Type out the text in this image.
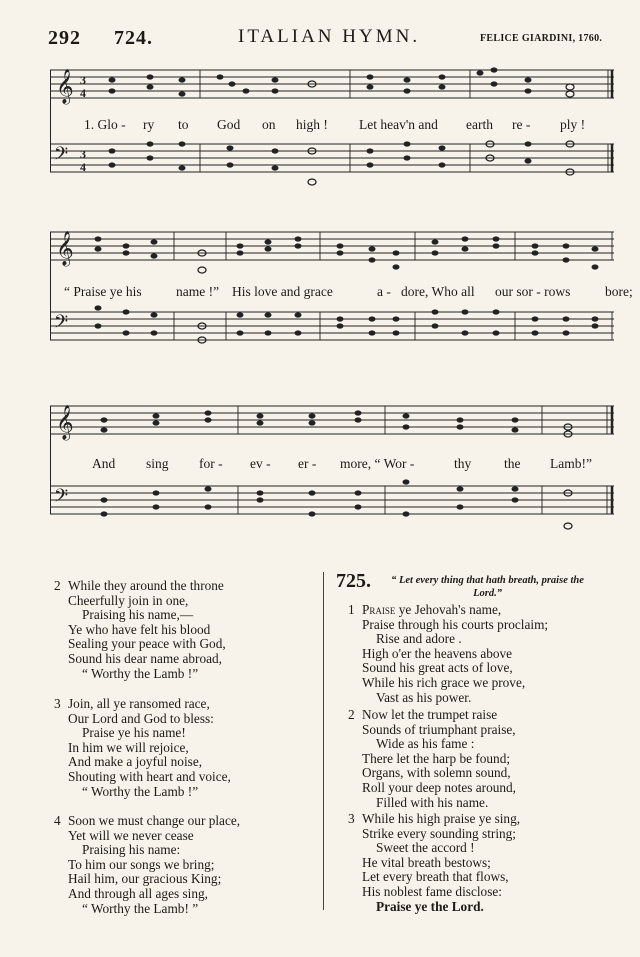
292 724.	ITALIAN HYMN.	FELICE GIARDINI, 1760.
𝄞
𝄢
3
4
3
4
1. Glo - ry to God on high ! Let heav'n and earth re - ply !
𝄞
𝄢
“ Praise ye his	name !” His love and grace	a - dore, Who all our sor - rows	bore;
𝄞
𝄢
And sing for - ev - er - more, “ Wor -	thy the Lamb!”
2 While they around the throne
Cheerfully join in one,
Praising his name,—
Ye who have felt his blood
Sealing your peace with God,
Sound his dear name abroad,
“ Worthy the Lamb !”
3 Join, all ye ransomed race,
Our Lord and God to bless:
Praise ye his name!
In him we will rejoice,
And make a joyful noise,
Shouting with heart and voice,
“ Worthy the Lamb !”
4 Soon we must change our place,
Yet will we never cease
Praising his name:
To him our songs we bring;
Hail him, our gracious King;
And through all ages sing,
“ Worthy the Lamb! ”
725.	“ Let every thing that hath breath, praise the Lord.”
1 Praise ye Jehovah's name,
Praise through his courts proclaim;
Rise and adore .
High o'er the heavens above
Sound his great acts of love,
While his rich grace we prove,
Vast as his power.
2 Now let the trumpet raise
Sounds of triumphant praise,
Wide as his fame :
There let the harp be found;
Organs, with solemn sound,
Roll your deep notes around,
Filled with his name.
3 While his high praise ye sing,
Strike every sounding string;
Sweet the accord !
He vital breath bestows;
Let every breath that flows,
His noblest fame disclose:
Praise ye the Lord.
